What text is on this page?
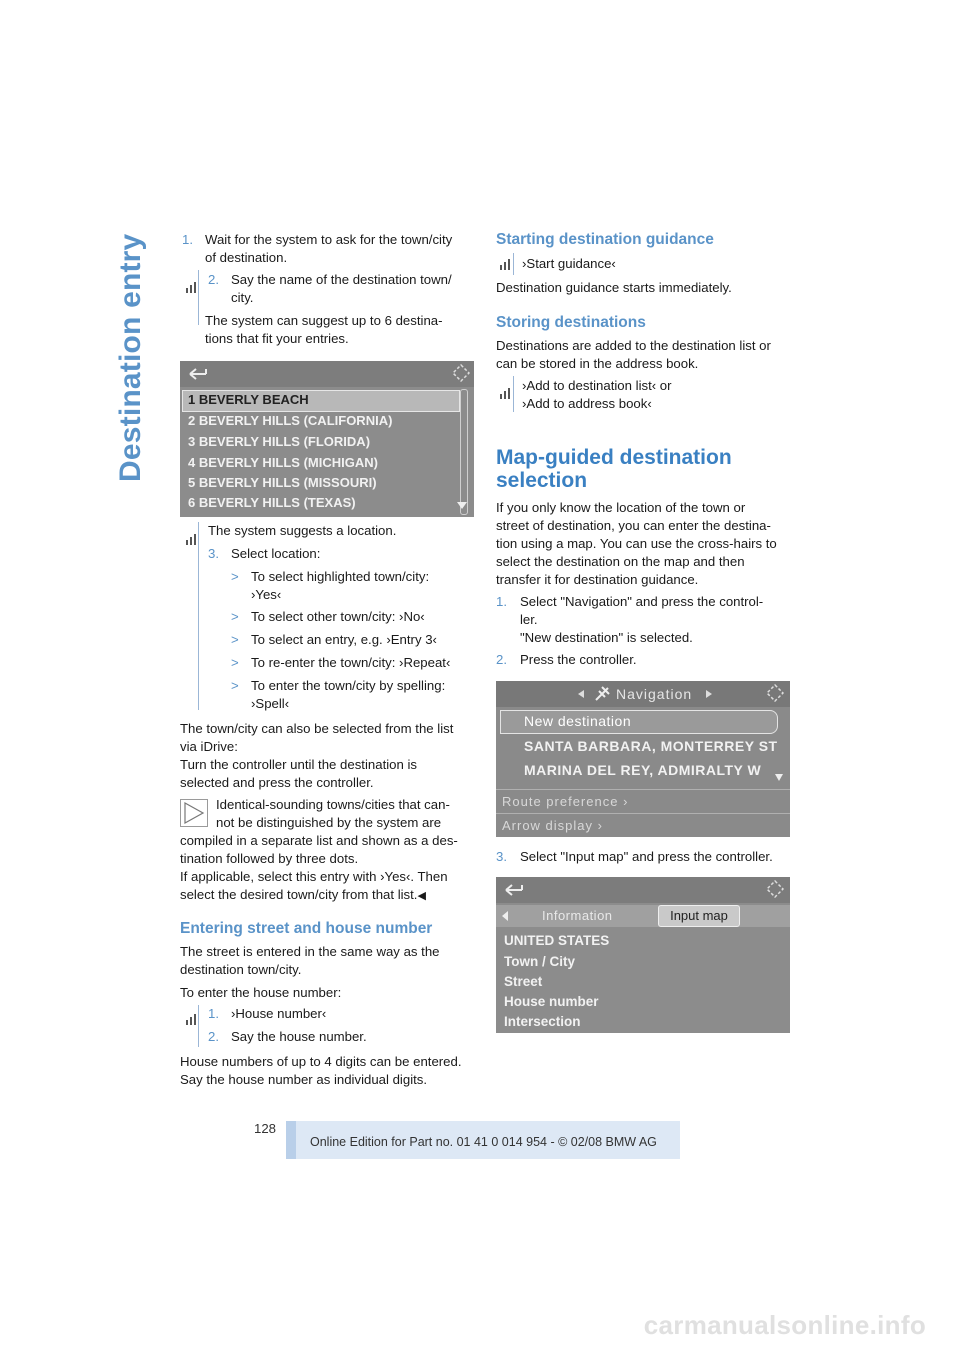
Destination entry	1. Wait for the system to ask for the town/city
of destination.
2. Say the name of the destination town/
city.
The system can suggest up to 6 destina-
tions that fit your entries.
1 BEVERLY BEACH
2 BEVERLY HILLS (CALIFORNIA)
3 BEVERLY HILLS (FLORIDA)
4 BEVERLY HILLS (MICHIGAN)
5 BEVERLY HILLS (MISSOURI)
6 BEVERLY HILLS (TEXAS)
The system suggests a location.
3. Select location:
> To select highlighted town/city:
›Yes‹
> To select other town/city: ›No‹
> To select an entry, e.g. ›Entry 3‹
> To re-enter the town/city: ›Repeat‹
> To enter the town/city by spelling:
›Spell‹
The town/city can also be selected from the list
via iDrive:
Turn the controller until the destination is
selected and press the controller.
Identical-sounding towns/cities that can-
not be distinguished by the system are
compiled in a separate list and shown as a des-
tination followed by three dots.
If applicable, select this entry with ›Yes‹. Then
select the desired town/city from that list.◀
Entering street and house number
The street is entered in the same way as the
destination town/city.
To enter the house number:
1. ›House number‹
2. Say the house number.
House numbers of up to 4 digits can be entered.
Say the house number as individual digits.
Starting destination guidance
›Start guidance‹
Destination guidance starts immediately.
Storing destinations
Destinations are added to the destination list or
can be stored in the address book.
›Add to destination list‹ or
›Add to address book‹
Map-guided destination
selection
If you only know the location of the town or
street of destination, you can enter the destina-
tion using a map. You can use the cross-hairs to
select the destination on the map and then
transfer it for destination guidance.
1. Select "Navigation" and press the control-
ler.
"New destination" is selected.
2. Press the controller.
Navigation
New destination
SANTA BARBARA, MONTERREY ST
MARINA DEL REY, ADMIRALTY W
Route preference ›
Arrow display ›
3. Select "Input map" and press the controller.
Information	Input map
UNITED STATES
Town / City
Street
House number
Intersection
128
Online Edition for Part no. 01 41 0 014 954 - © 02/08 BMW AG
carmanualsonline.info
